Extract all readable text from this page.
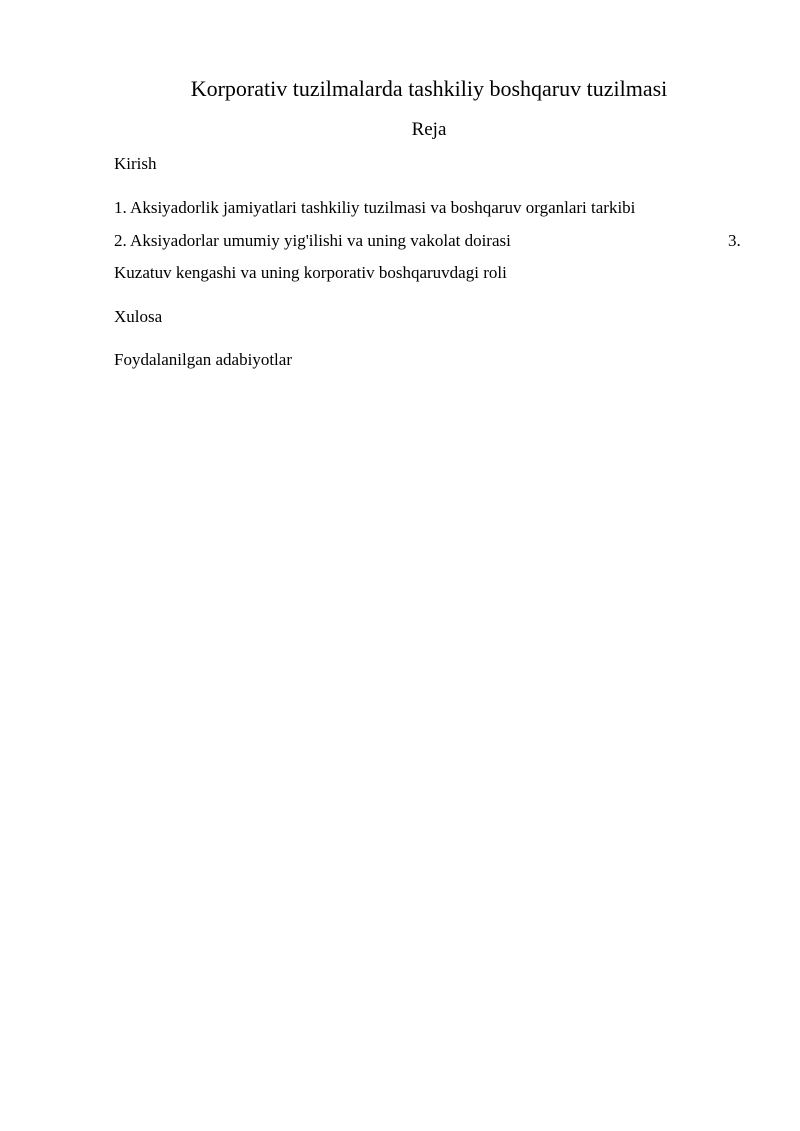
Korporativ tuzilmalarda tashkiliy boshqaruv tuzilmasi
Reja
Kirish
1. Aksiyadorlik jamiyatlari tashkiliy tuzilmasi va boshqaruv organlari tarkibi
2. Aksiyadorlar umumiy yig'ilishi va uning vakolat doirasi	3.
Kuzatuv kengashi va uning korporativ boshqaruvdagi roli
Xulosa
Foydalanilgan adabiyotlar
